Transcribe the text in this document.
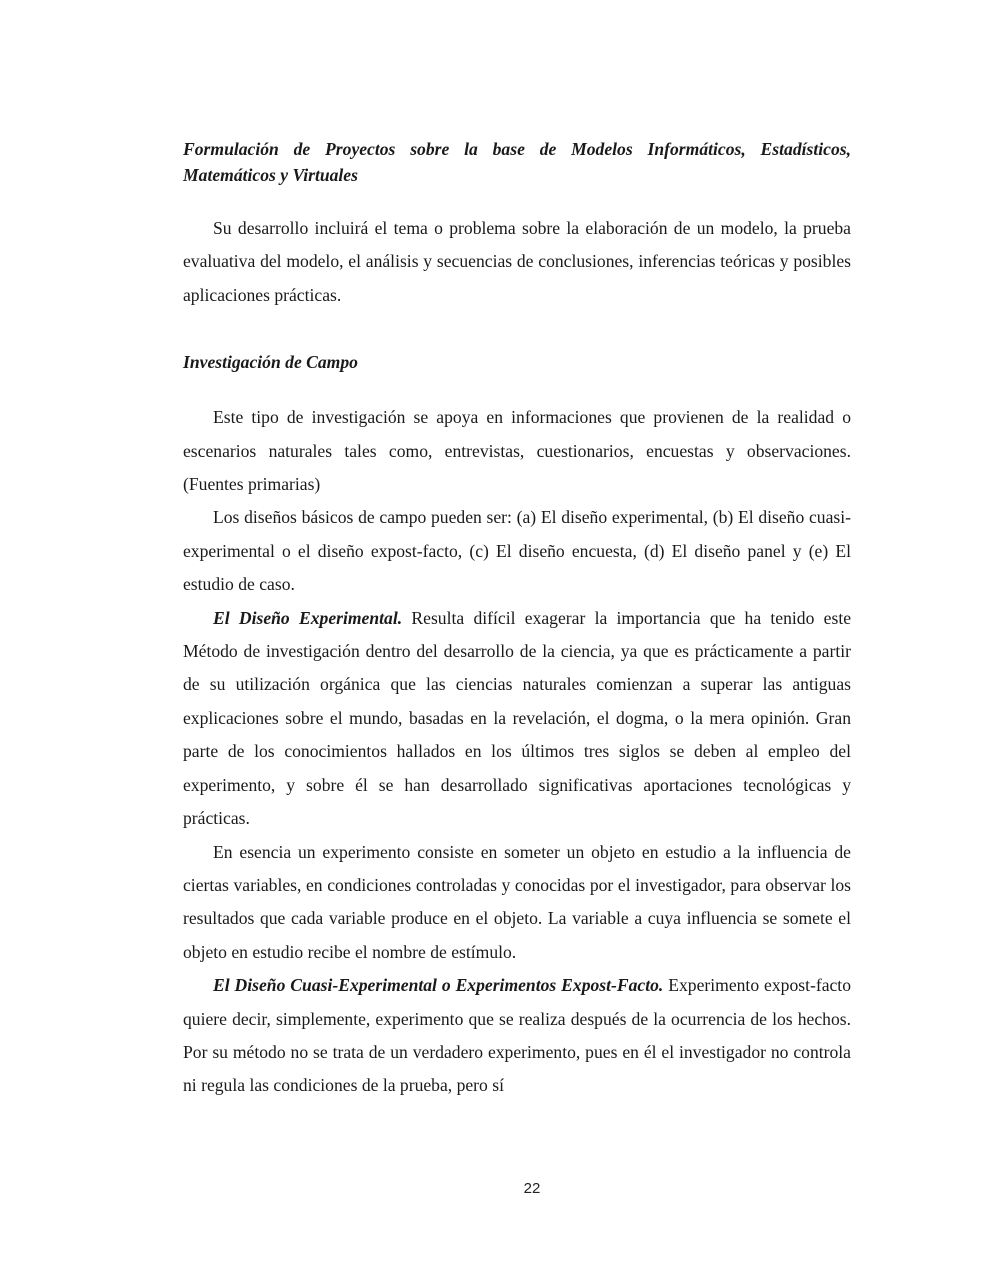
Formulación de Proyectos sobre la base de Modelos Informáticos, Estadísticos, Matemáticos y Virtuales

Su desarrollo incluirá el tema o problema sobre la elaboración de un modelo, la prueba evaluativa del modelo, el análisis y secuencias de conclusiones, inferencias teóricas y posibles aplicaciones prácticas.

Investigación de Campo

Este tipo de investigación se apoya en informaciones que provienen de la realidad o escenarios naturales tales como, entrevistas, cuestionarios, encuestas y observaciones. (Fuentes primarias)

Los diseños básicos de campo pueden ser: (a) El diseño experimental, (b) El diseño cuasi-experimental o el diseño expost-facto, (c) El diseño encuesta, (d) El diseño panel y (e) El estudio de caso.

El Diseño Experimental. Resulta difícil exagerar la importancia que ha tenido este Método de investigación dentro del desarrollo de la ciencia, ya que es prácticamente a partir de su utilización orgánica que las ciencias naturales comienzan a superar las antiguas explicaciones sobre el mundo, basadas en la revelación, el dogma, o la mera opinión. Gran parte de los conocimientos hallados en los últimos tres siglos se deben al empleo del experimento, y sobre él se han desarrollado significativas aportaciones tecnológicas y prácticas.

En esencia un experimento consiste en someter un objeto en estudio a la influencia de ciertas variables, en condiciones controladas y conocidas por el investigador, para observar los resultados que cada variable produce en el objeto. La variable a cuya influencia se somete el objeto en estudio recibe el nombre de estímulo.

El Diseño Cuasi-Experimental o Experimentos Expost-Facto. Experimento expost-facto quiere decir, simplemente, experimento que se realiza después de la ocurrencia de los hechos. Por su método no se trata de un verdadero experimento, pues en él el investigador no controla ni regula las condiciones de la prueba, pero sí

22
